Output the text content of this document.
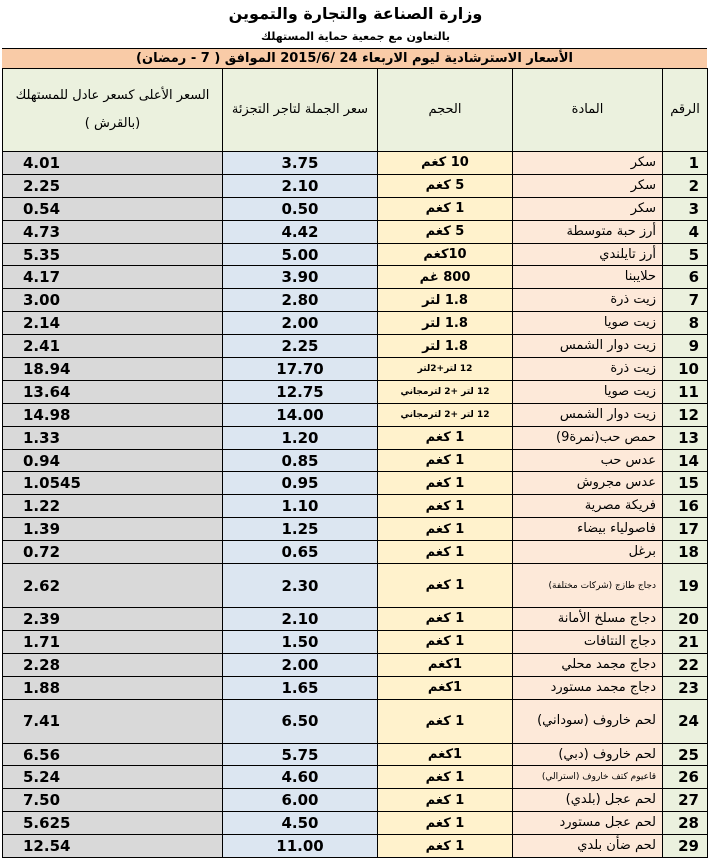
وزارة الصناعة والتجارة والتموين
بالتعاون مع جمعية حماية المستهلك
الأسعار الاسترشادية ليوم الاربعاء 24 /2015/6 الموافق ( 7 - رمضان)
الرقم	المادة	الحجم	سعر الجملة لتاجر التجزئة	السعر الأعلى كسعر عادل للمستهلك (بالقرش )
1	سكر	10 كغم	3.75	4.01
2	سكر	5 كغم	2.10	2.25
3	سكر	1 كغم	0.50	0.54
4	أرز حبة متوسطة	5 كغم	4.42	4.73
5	أرز تايلندي	10كغم	5.00	5.35
6	حلايبنا	800 غم	3.90	4.17
7	زيت ذرة	1.8 لتر	2.80	3.00
8	زيت صويا	1.8 لتر	2.00	2.14
9	زيت دوار الشمس	1.8 لتر	2.25	2.41
10	زيت ذرة	12 لتر+2لتر	17.70	18.94
11	زيت صويا	12 لتر +2 لترمجاني	12.75	13.64
12	زيت دوار الشمس	12 لتر +2 لترمجاني	14.00	14.98
13	حمص حب(نمرة9)	1 كغم	1.20	1.33
14	عدس حب	1 كغم	0.85	0.94
15	عدس مجروش	1 كغم	0.95	1.0545
16	فريكة مصرية	1 كغم	1.10	1.22
17	فاصولياء بيضاء	1 كغم	1.25	1.39
18	برغل	1 كغم	0.65	0.72
19	دجاج طازج (شركات مختلفة)	1 كغم	2.30	2.62
20	دجاج مسلخ الأمانة	1 كغم	2.10	2.39
21	دجاج النتافات	1 كغم	1.50	1.71
22	دجاج مجمد محلي	1كغم	2.00	2.28
23	دجاج مجمد مستورد	1كغم	1.65	1.88
24	لحم خاروف (سوداني)	1 كغم	6.50	7.41
25	لحم خاروف (دبي)	1كغم	5.75	6.56
26	قاعيوم كتف خاروف (استرالي)	1 كغم	4.60	5.24
27	لحم عجل (بلدي)	1 كغم	6.00	7.50
28	لحم عجل مستورد	1 كغم	4.50	5.625
29	لحم ضأن بلدي	1 كغم	11.00	12.54
